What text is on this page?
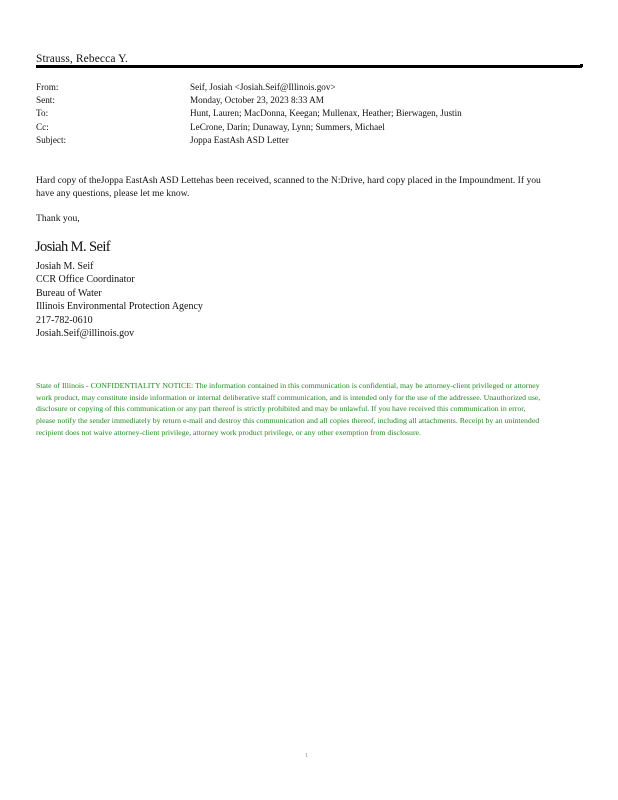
Strauss, Rebecca Y.
From:	Seif, Josiah <Josiah.Seif@Illinois.gov>
Sent:	Monday, October 23, 2023 8:33 AM
To:	Hunt, Lauren; MacDonna, Keegan; Mullenax, Heather; Bierwagen, Justin
Cc:	LeCrone, Darin; Dunaway, Lynn; Summers, Michael
Subject:	Joppa EastAsh ASD Letter
Hard copy of theJoppa EastAsh ASD Lettehas been received, scanned to the N:Drive, hard copy placed in the Impoundment. If you have any questions, please let me know.
Thank you,
Josiah M. Seif
Josiah M. Seif
CCR Office Coordinator
Bureau of Water
Illinois Environmental Protection Agency
217-782-0610
Josiah.Seif@illinois.gov
State of Illinois - CONFIDENTIALITY NOTICE: The information contained in this communication is confidential, may be attorney-client privileged or attorney work product, may constitute inside information or internal deliberative staff communication, and is intended only for the use of the addressee. Unauthorized use, disclosure or copying of this communication or any part thereof is strictly prohibited and may be unlawful. If you have received this communication in error, please notify the sender immediately by return e-mail and destroy this communication and all copies thereof, including all attachments. Receipt by an unintended recipient does not waive attorney-client privilege, attorney work product privilege, or any other exemption from disclosure.
1
